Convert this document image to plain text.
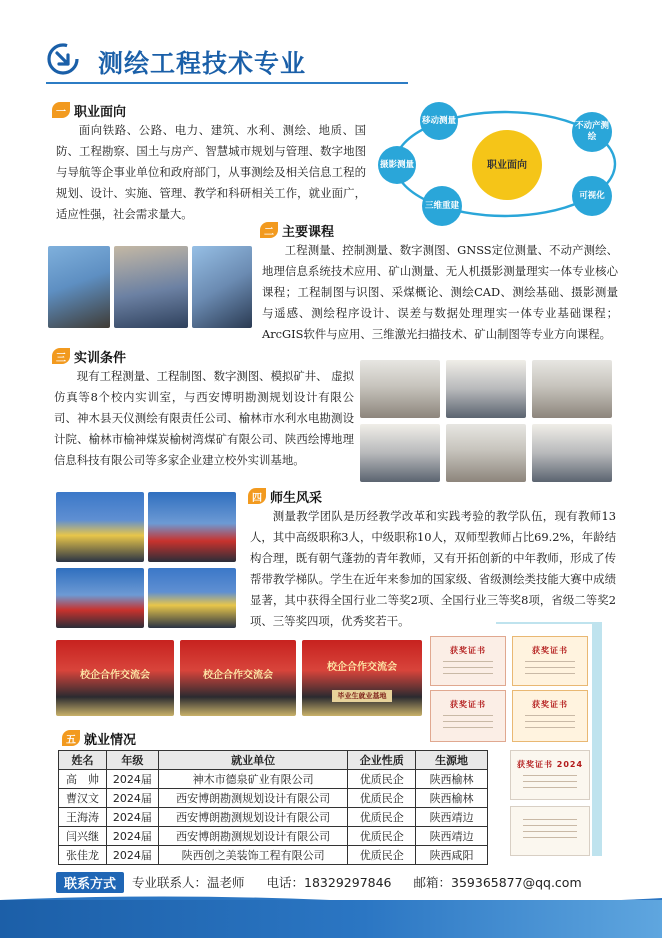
测绘工程技术专业
一 职业面向
面向铁路、公路、电力、建筑、水利、测绘、地质、国防、工程勘察、国土与房产、智慧城市规划与管理、数字地图与导航等企事业单位和政府部门，从事测绘及相关信息工程的规划、设计、实施、管理、教学和科研相关工作，就业面广，适应性强，社会需求量大。
职业面向
移动测量
不动产测绘
摄影测量
可视化
三维重建
二 主要课程
工程测量、控制测量、数字测图、GNSS定位测量、不动产测绘、地理信息系统技术应用、矿山测量、无人机摄影测量理实一体专业核心课程；工程制图与识图、采煤概论、测绘CAD、测绘基础、摄影测量与遥感、测绘程序设计、误差与数据处理理实一体专业基础课程；ArcGIS软件与应用、三维激光扫描技术、矿山制图等专业方向课程。
三 实训条件
现有工程测量、工程制图、数字测图、模拟矿井、 虚拟仿真等8个校内实训室，与西安博明勘测规划设计有限公司、神木县天仪测绘有限责任公司、榆林市水利水电勘测设计院、榆林市榆神煤炭榆树湾煤矿有限公司、陕西绘博地理信息科技有限公司等多家企业建立校外实训基地。
四 师生风采
测量教学团队是历经教学改革和实践考验的教学队伍，现有教师13人，其中高级职称3人，中级职称10人，双师型教师占比69.2%，年龄结构合理，既有朝气蓬勃的青年教师，又有开拓创新的中年教师，形成了传帮带教学梯队。学生在近年来参加的国家级、省级测绘类技能大赛中成绩显著，其中获得全国行业二等奖2项、全国行业三等奖8项，省级二等奖2项、三等奖四项，优秀奖若干。
校企合作交流会	校企合作交流会
校企合作交流会
毕业生就业基地
获奖证书	获奖证书
获奖证书	获奖证书
获奖证书 2024
五 就业情况
姓名	年级	就业单位	企业性质	生源地
高　帅	2024届	神木市德泉矿业有限公司	优质民企	陕西榆林
曹汉文	2024届	西安博朗勘测规划设计有限公司	优质民企	陕西榆林
王海涛	2024届	西安博朗勘测规划设计有限公司	优质民企	陕西靖边
闫兴继	2024届	西安博朗勘测规划设计有限公司	优质民企	陕西靖边
张佳龙	2024届	陕西创之美装饰工程有限公司	优质民企	陕西咸阳
联系方式	专业联系人：温老师 电话：18329297846 邮箱：359365877@qq.com
